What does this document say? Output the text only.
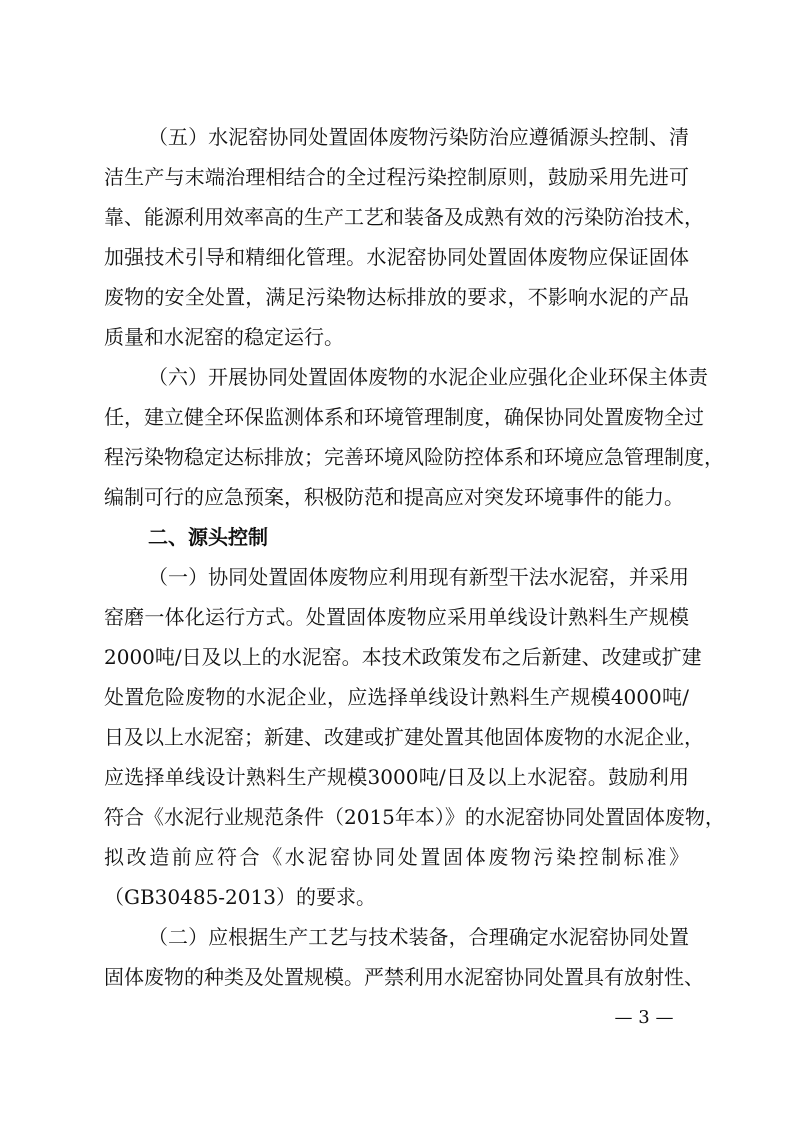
（五）水泥窑协同处置固体废物污染防治应遵循源头控制、清
洁生产与末端治理相结合的全过程污染控制原则，鼓励采用先进可
靠、能源利用效率高的生产工艺和装备及成熟有效的污染防治技术，
加强技术引导和精细化管理。水泥窑协同处置固体废物应保证固体
废物的安全处置，满足污染物达标排放的要求，不影响水泥的产品
质量和水泥窑的稳定运行。
（六）开展协同处置固体废物的水泥企业应强化企业环保主体责
任，建立健全环保监测体系和环境管理制度，确保协同处置废物全过
程污染物稳定达标排放；完善环境风险防控体系和环境应急管理制度，
编制可行的应急预案，积极防范和提高应对突发环境事件的能力。
二、源头控制
（一）协同处置固体废物应利用现有新型干法水泥窑，并采用
窑磨一体化运行方式。处置固体废物应采用单线设计熟料生产规模
2000吨/日及以上的水泥窑。本技术政策发布之后新建、改建或扩建
处置危险废物的水泥企业，应选择单线设计熟料生产规模4000吨/
日及以上水泥窑；新建、改建或扩建处置其他固体废物的水泥企业，
应选择单线设计熟料生产规模3000吨/日及以上水泥窑。鼓励利用
符合《水泥行业规范条件（2015年本）》的水泥窑协同处置固体废物，
拟改造前应符合《水泥窑协同处置固体废物污染控制标准》
（GB30485-2013）的要求。
（二）应根据生产工艺与技术装备，合理确定水泥窑协同处置
固体废物的种类及处置规模。严禁利用水泥窑协同处置具有放射性、
— 3 —
